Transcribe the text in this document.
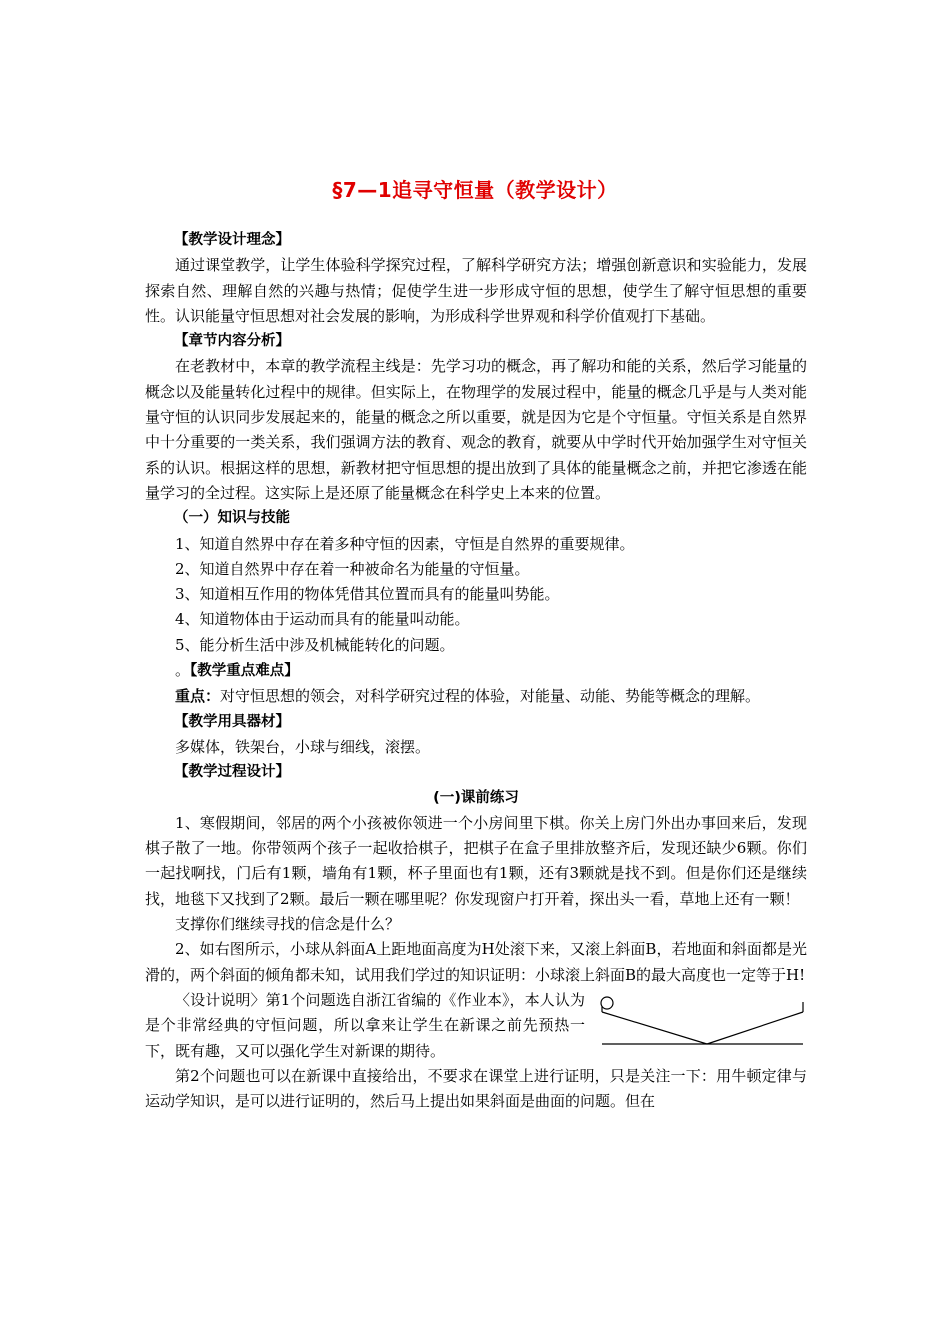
§7—1追寻守恒量（教学设计）

【教学设计理念】

通过课堂教学，让学生体验科学探究过程，了解科学研究方法；增强创新意识和实验能力，发展探索自然、理解自然的兴趣与热情；促使学生进一步形成守恒的思想，使学生了解守恒思想的重要性。认识能量守恒思想对社会发展的影响，为形成科学世界观和科学价值观打下基础。

【章节内容分析】

在老教材中，本章的教学流程主线是：先学习功的概念，再了解功和能的关系，然后学习能量的概念以及能量转化过程中的规律。但实际上，在物理学的发展过程中，能量的概念几乎是与人类对能量守恒的认识同步发展起来的，能量的概念之所以重要，就是因为它是个守恒量。守恒关系是自然界中十分重要的一类关系，我们强调方法的教育、观念的教育，就要从中学时代开始加强学生对守恒关系的认识。根据这样的思想，新教材把守恒思想的提出放到了具体的能量概念之前，并把它渗透在能量学习的全过程。这实际上是还原了能量概念在科学史上本来的位置。

（一）知识与技能

1、知道自然界中存在着多种守恒的因素，守恒是自然界的重要规律。

2、知道自然界中存在着一种被命名为能量的守恒量。

3、知道相互作用的物体凭借其位置而具有的能量叫势能。

4、知道物体由于运动而具有的能量叫动能。

5、能分析生活中涉及机械能转化的问题。

。【教学重点难点】

重点：对守恒思想的领会，对科学研究过程的体验，对能量、动能、势能等概念的理解。

【教学用具器材】

多媒体，铁架台，小球与细线，滚摆。

【教学过程设计】

(一)课前练习

1、寒假期间，邻居的两个小孩被你领进一个小房间里下棋。你关上房门外出办事回来后，发现棋子散了一地。你带领两个孩子一起收拾棋子，把棋子在盒子里排放整齐后，发现还缺少6颗。你们一起找啊找，门后有1颗，墙角有1颗，杯子里面也有1颗，还有3颗就是找不到。但是你们还是继续找，地毯下又找到了2颗。最后一颗在哪里呢？你发现窗户打开着，探出头一看，草地上还有一颗！

支撑你们继续寻找的信念是什么？

2、如右图所示，小球从斜面A上距地面高度为H处滚下来，又滚上斜面B，若地面和斜面都是光滑的，两个斜面的倾角都未知，试用我们学过的知识证明：小球滚上斜面B的最大高度也一定等于H!

〈设计说明〉第1个问题选自浙江省编的《作业本》，本人认为是个非常经典的守恒问题，所以拿来让学生在新课之前先预热一下，既有趣，又可以强化学生对新课的期待。

第2个问题也可以在新课中直接给出，不要求在课堂上进行证明，只是关注一下：用牛顿定律与运动学知识，是可以进行证明的，然后马上提出如果斜面是曲面的问题。但在
